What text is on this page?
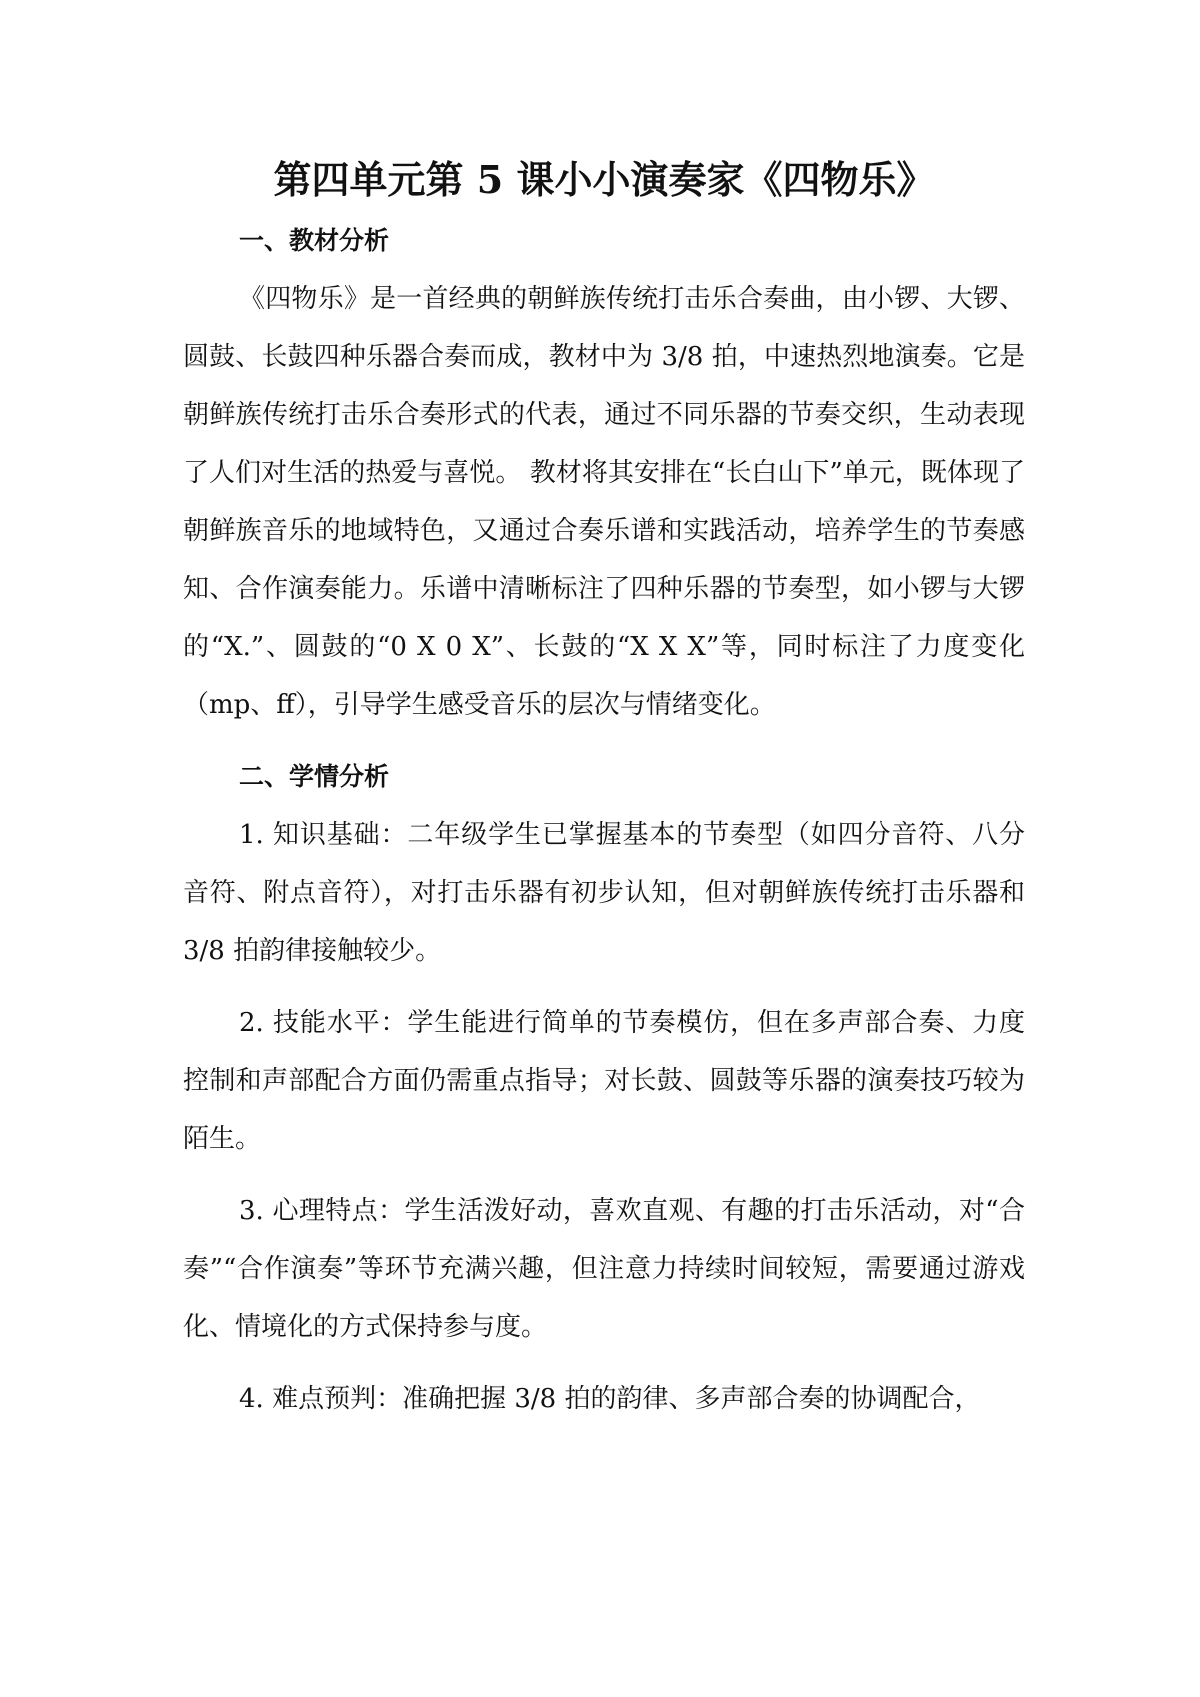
第四单元第 5 课小小演奏家《四物乐》
一、教材分析

《四物乐》是一首经典的朝鲜族传统打击乐合奏曲，由小锣、大锣、圆鼓、长鼓四种乐器合奏而成，教材中为 3/8 拍，中速热烈地演奏。它是朝鲜族传统打击乐合奏形式的代表，通过不同乐器的节奏交织，生动表现了人们对生活的热爱与喜悦。 教材将其安排在“长白山下”单元，既体现了朝鲜族音乐的地域特色，又通过合奏乐谱和实践活动，培养学生的节奏感知、合作演奏能力。乐谱中清晰标注了四种乐器的节奏型，如小锣与大锣的“X.”、圆鼓的“0 X 0 X”、长鼓的“X X X”等，同时标注了力度变化（mp、ff），引导学生感受音乐的层次与情绪变化。

二、学情分析

1. 知识基础：二年级学生已掌握基本的节奏型（如四分音符、八分音符、附点音符），对打击乐器有初步认知，但对朝鲜族传统打击乐器和 3/8 拍韵律接触较少。

2. 技能水平：学生能进行简单的节奏模仿，但在多声部合奏、力度控制和声部配合方面仍需重点指导；对长鼓、圆鼓等乐器的演奏技巧较为陌生。

3. 心理特点：学生活泼好动，喜欢直观、有趣的打击乐活动，对“合奏”“合作演奏”等环节充满兴趣，但注意力持续时间较短，需要通过游戏化、情境化的方式保持参与度。

4. 难点预判：准确把握 3/8 拍的韵律、多声部合奏的协调配合，
